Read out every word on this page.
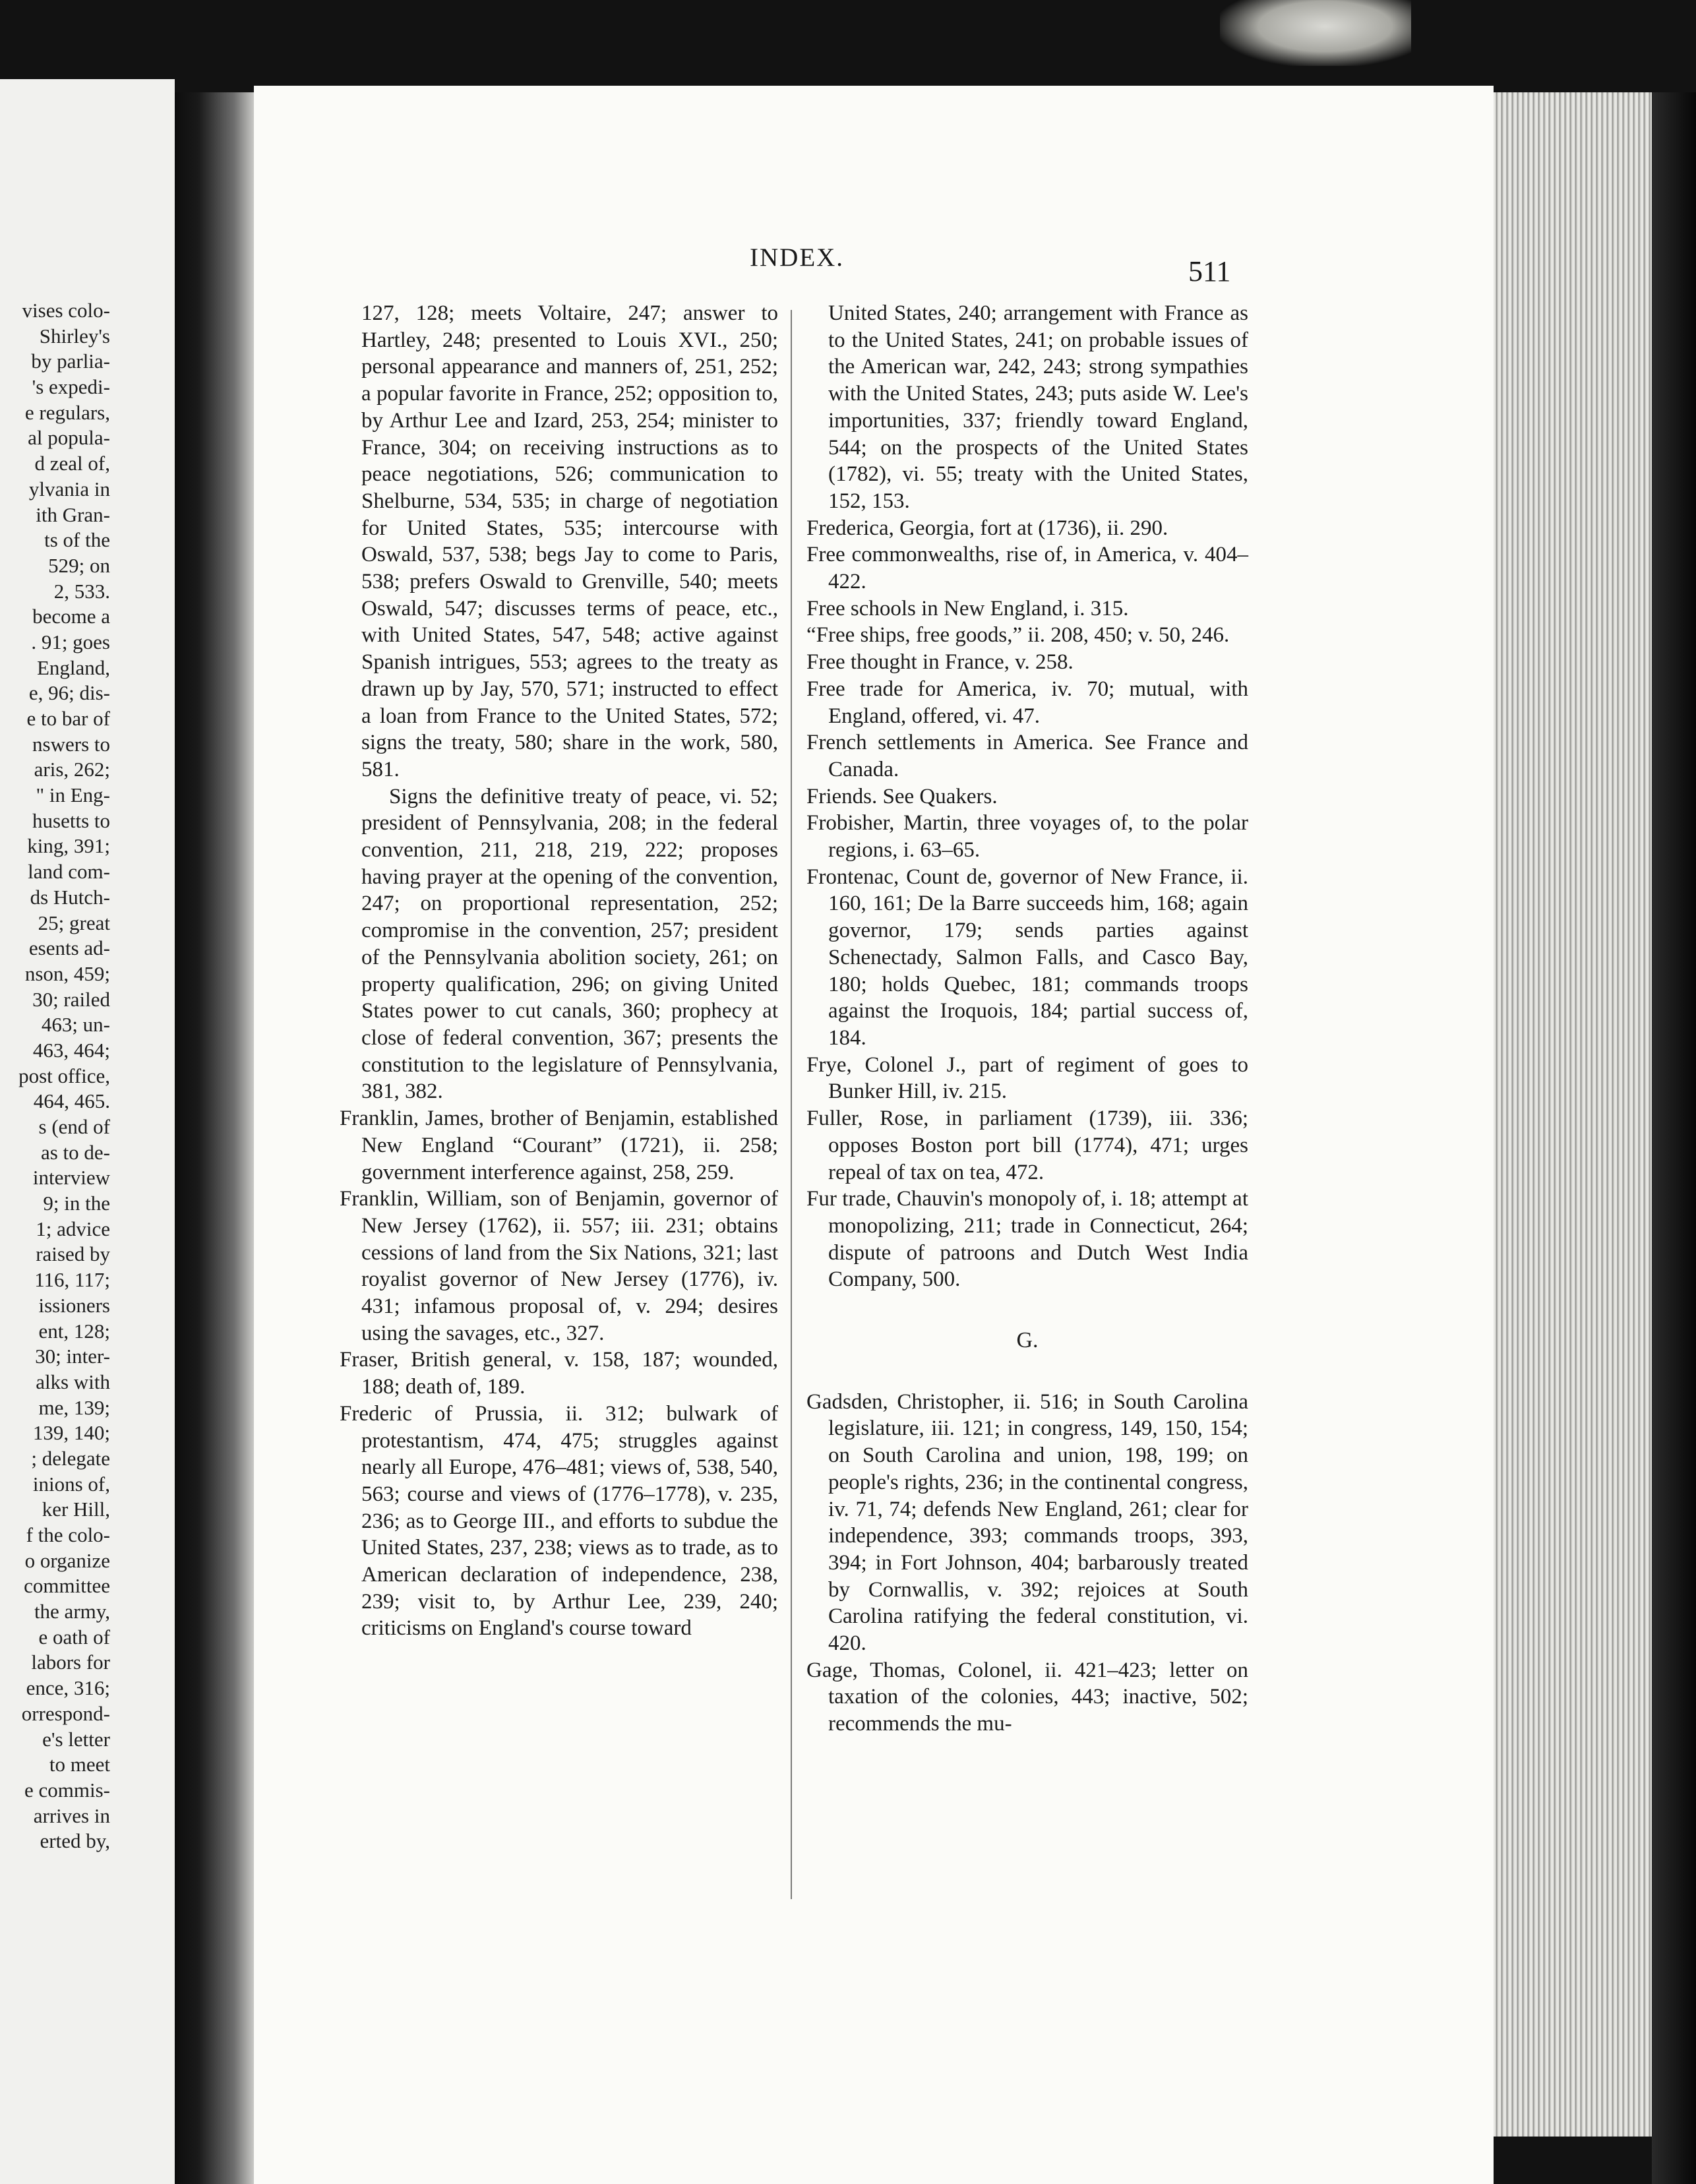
vises colo-
Shirley's
by parlia-
's expedi-
e regulars,
al popula-
d zeal of,
ylvania in
ith Gran-
ts of the
529; on
2, 533.
become a
. 91; goes
England,
e, 96; dis-
e to bar of
nswers to
aris, 262;
" in Eng-
husetts to
king, 391;
land com-
ds Hutch-
25; great
esents ad-
nson, 459;
30; railed
463; un-
463, 464;
post office,
464, 465.
s (end of
as to de-
interview
9; in the
1; advice
raised by
116, 117;
issioners
ent, 128;
30; inter-
alks with
me, 139;
139, 140;
; delegate
inions of,
ker Hill,
f the colo-
o organize
committee
the army,
e oath of
labors for
ence, 316;
orrespond-
e's letter
to meet
e commis-
arrives in
erted by,
INDEX.	511

127, 128; meets Voltaire, 247; answer to Hartley, 248; presented to Louis XVI., 250; personal appearance and manners of, 251, 252; a popular favorite in France, 252; opposition to, by Arthur Lee and Izard, 253, 254; minister to France, 304; on receiving instructions as to peace negotiations, 526; communication to Shelburne, 534, 535; in charge of negotiation for United States, 535; intercourse with Oswald, 537, 538; begs Jay to come to Paris, 538; prefers Oswald to Grenville, 540; meets Oswald, 547; discusses terms of peace, etc., with United States, 547, 548; active against Spanish intrigues, 553; agrees to the treaty as drawn up by Jay, 570, 571; instructed to effect a loan from France to the United States, 572; signs the treaty, 580; share in the work, 580, 581.

Signs the definitive treaty of peace, vi. 52; president of Pennsylvania, 208; in the federal convention, 211, 218, 219, 222; proposes having prayer at the opening of the convention, 247; on proportional representation, 252; compromise in the convention, 257; president of the Pennsylvania abolition society, 261; on property qualification, 296; on giving United States power to cut canals, 360; prophecy at close of federal convention, 367; presents the constitution to the legislature of Pennsylvania, 381, 382.

Franklin, James, brother of Benjamin, established New England “Courant” (1721), ii. 258; government interference against, 258, 259.

Franklin, William, son of Benjamin, governor of New Jersey (1762), ii. 557; iii. 231; obtains cessions of land from the Six Nations, 321; last royalist governor of New Jersey (1776), iv. 431; infamous proposal of, v. 294; desires using the savages, etc., 327.

Fraser, British general, v. 158, 187; wounded, 188; death of, 189.

Frederic of Prussia, ii. 312; bulwark of protestantism, 474, 475; struggles against nearly all Europe, 476–481; views of, 538, 540, 563; course and views of (1776–1778), v. 235, 236; as to George III., and efforts to subdue the United States, 237, 238; views as to trade, as to American declaration of independence, 238, 239; visit to, by Arthur Lee, 239, 240; criticisms on England's course toward

United States, 240; arrangement with France as to the United States, 241; on probable issues of the American war, 242, 243; strong sympathies with the United States, 243; puts aside W. Lee's importunities, 337; friendly toward England, 544; on the prospects of the United States (1782), vi. 55; treaty with the United States, 152, 153.

Frederica, Georgia, fort at (1736), ii. 290.

Free commonwealths, rise of, in America, v. 404–422.

Free schools in New England, i. 315.

“Free ships, free goods,” ii. 208, 450; v. 50, 246.

Free thought in France, v. 258.

Free trade for America, iv. 70; mutual, with England, offered, vi. 47.

French settlements in America. See France and Canada.

Friends. See Quakers.

Frobisher, Martin, three voyages of, to the polar regions, i. 63–65.

Frontenac, Count de, governor of New France, ii. 160, 161; De la Barre succeeds him, 168; again governor, 179; sends parties against Schenectady, Salmon Falls, and Casco Bay, 180; holds Quebec, 181; commands troops against the Iroquois, 184; partial success of, 184.

Frye, Colonel J., part of regiment of goes to Bunker Hill, iv. 215.

Fuller, Rose, in parliament (1739), iii. 336; opposes Boston port bill (1774), 471; urges repeal of tax on tea, 472.

Fur trade, Chauvin's monopoly of, i. 18; attempt at monopolizing, 211; trade in Connecticut, 264; dispute of patroons and Dutch West India Company, 500.

G.

Gadsden, Christopher, ii. 516; in South Carolina legislature, iii. 121; in congress, 149, 150, 154; on South Carolina and union, 198, 199; on people's rights, 236; in the continental congress, iv. 71, 74; defends New England, 261; clear for independence, 393; commands troops, 393, 394; in Fort Johnson, 404; barbarously treated by Cornwallis, v. 392; rejoices at South Carolina ratifying the federal constitution, vi. 420.

Gage, Thomas, Colonel, ii. 421–423; letter on taxation of the colonies, 443; inactive, 502; recommends the mu-
